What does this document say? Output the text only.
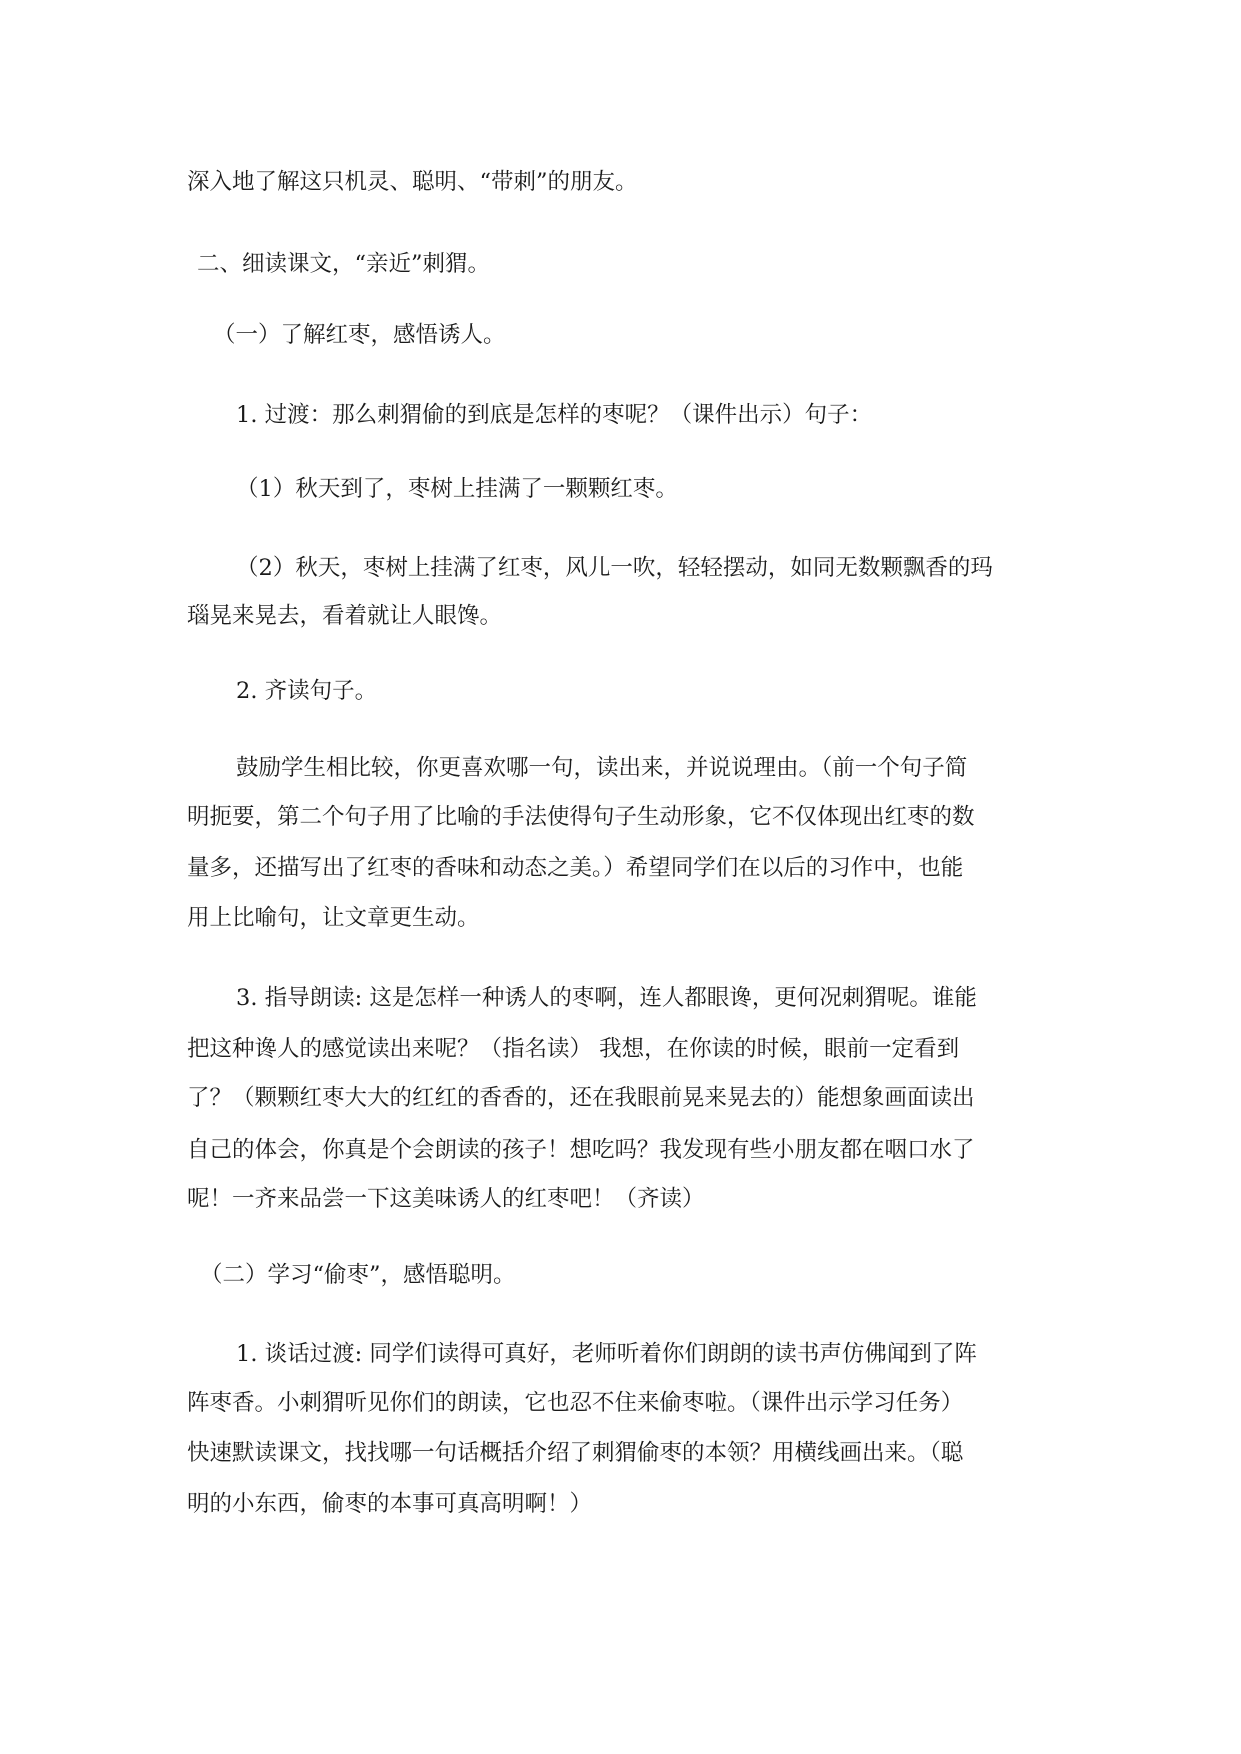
深入地了解这只机灵、聪明、“带刺”的朋友。
二、细读课文，“亲近”刺猬。
（一）了解红枣，感悟诱人。
1. 过渡：那么刺猬偷的到底是怎样的枣呢？（课件出示）句子：
（1）秋天到了，枣树上挂满了一颗颗红枣。
（2）秋天，枣树上挂满了红枣，风儿一吹，轻轻摆动，如同无数颗飘香的玛
瑙晃来晃去，看着就让人眼馋。
2. 齐读句子。
鼓励学生相比较，你更喜欢哪一句，读出来，并说说理由。（前一个句子简
明扼要，第二个句子用了比喻的手法使得句子生动形象，它不仅体现出红枣的数
量多，还描写出了红枣的香味和动态之美。）希望同学们在以后的习作中，也能
用上比喻句，让文章更生动。
3. 指导朗读: 这是怎样一种诱人的枣啊，连人都眼谗，更何况刺猬呢。谁能
把这种谗人的感觉读出来呢？（指名读） 我想，在你读的时候，眼前一定看到
了？（颗颗红枣大大的红红的香香的，还在我眼前晃来晃去的）能想象画面读出
自己的体会，你真是个会朗读的孩子！想吃吗？我发现有些小朋友都在咽口水了
呢！一齐来品尝一下这美味诱人的红枣吧！（齐读）
（二）学习“偷枣”，感悟聪明。
1. 谈话过渡: 同学们读得可真好，老师听着你们朗朗的读书声仿佛闻到了阵
阵枣香。小刺猬听见你们的朗读，它也忍不住来偷枣啦。（课件出示学习任务）
快速默读课文，找找哪一句话概括介绍了刺猬偷枣的本领？用横线画出来。（聪
明的小东西，偷枣的本事可真高明啊！）
